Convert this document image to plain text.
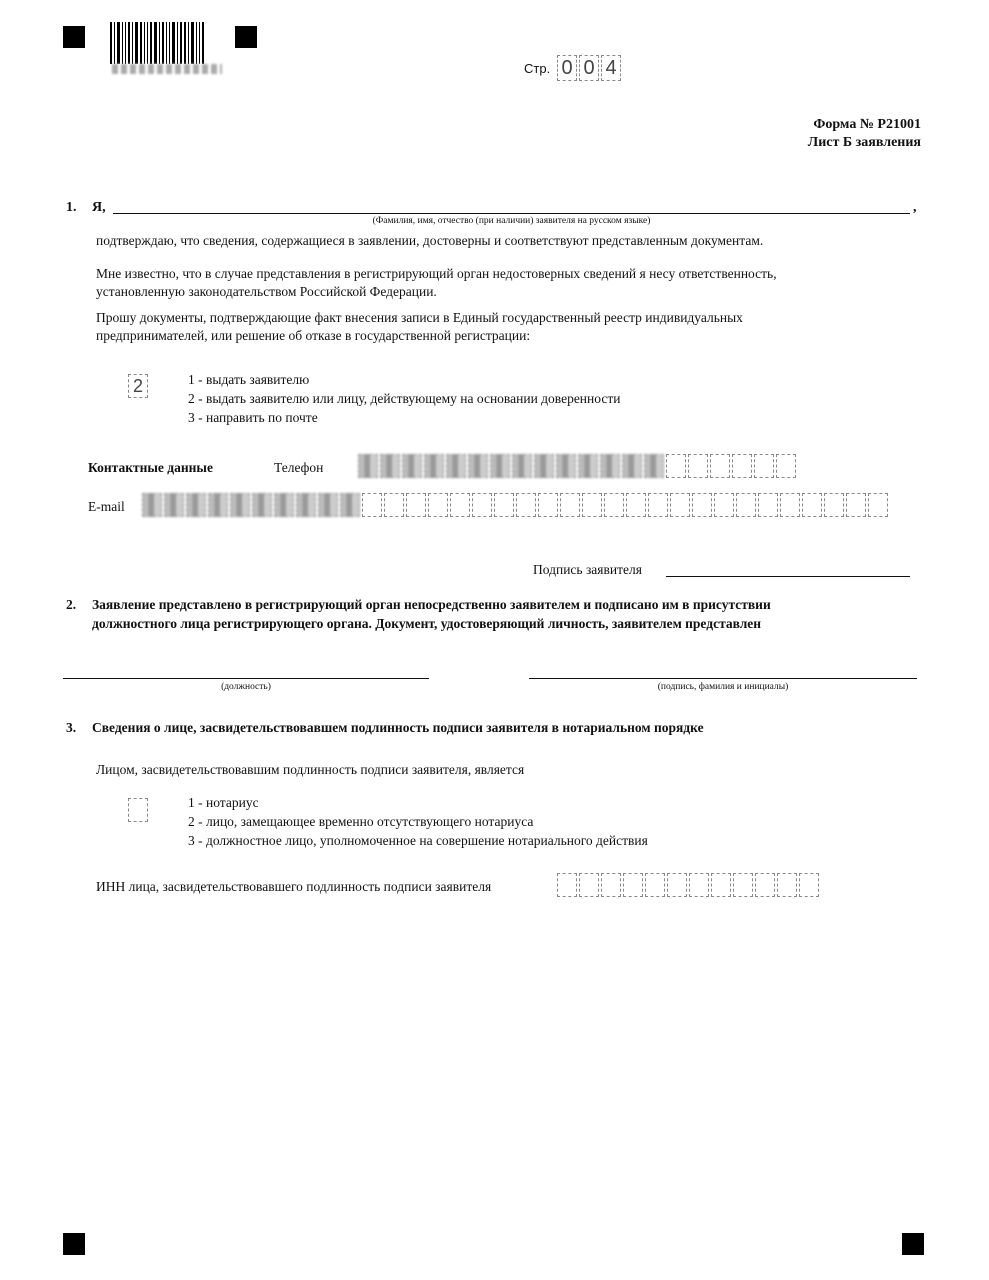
Стр. 0 0 4
Форма № Р21001
Лист Б заявления
1. Я,	,
(Фамилия, имя, отчество (при наличии) заявителя на русском языке)
подтверждаю, что сведения, содержащиеся в заявлении, достоверны и соответствуют представленным документам.
Мне известно, что в случае представления в регистрирующий орган недостоверных сведений я несу ответственность,
установленную законодательством Российской Федерации.
Прошу документы, подтверждающие факт внесения записи в Единый государственный реестр индивидуальных
предпринимателей, или решение об отказе в государственной регистрации:
2	1 - выдать заявителю
2 - выдать заявителю или лицу, действующему на основании доверенности
3 - направить по почте
Контактные данные	Телефон
E-mail
Подпись заявителя
2. Заявление представлено в регистрирующий орган непосредственно заявителем и подписано им в присутствии
должностного лица регистрирующего органа. Документ, удостоверяющий личность, заявителем представлен
(должность)	(подпись, фамилия и инициалы)
3. Сведения о лице, засвидетельствовавшем подлинность подписи заявителя в нотариальном порядке
Лицом, засвидетельствовавшим подлинность подписи заявителя, является
1 - нотариус
2 - лицо, замещающее временно отсутствующего нотариуса
3 - должностное лицо, уполномоченное на совершение нотариального действия
ИНН лица, засвидетельствовавшего подлинность подписи заявителя
